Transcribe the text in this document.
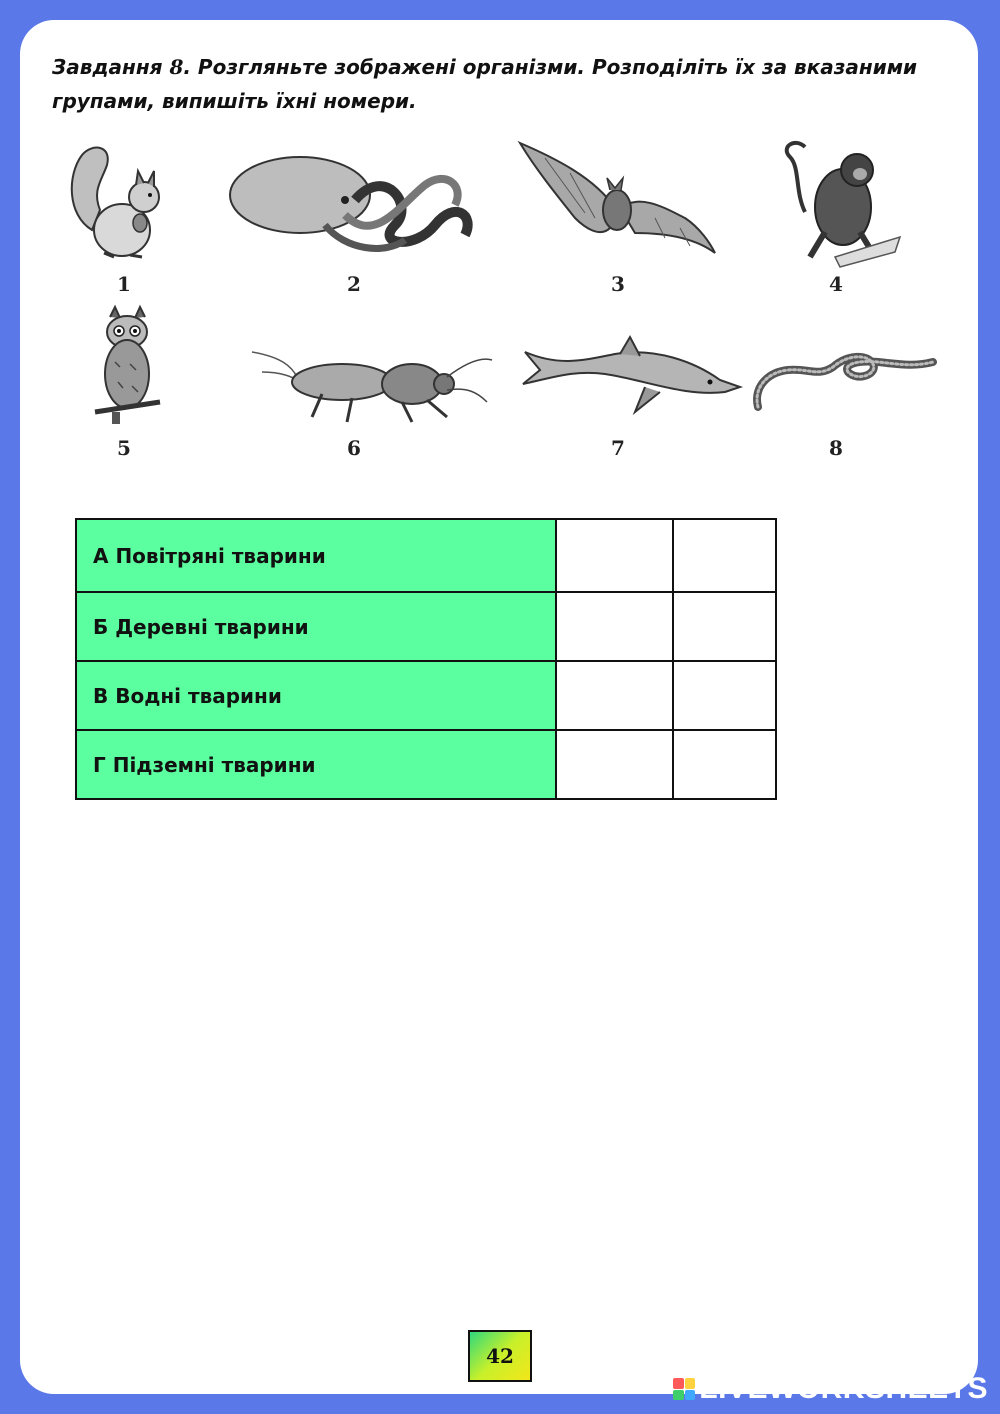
Завдання 8. Розгляньте зображені організми. Розподіліть їх за вказаними групами, випишіть їхні номери.
1	2	3	4
5	6	7	8
А Повітряні тварини		
Б Деревні тварини		
В Водні тварини		
Г Підземні тварини		
42
LIVEWORKSHEETS
